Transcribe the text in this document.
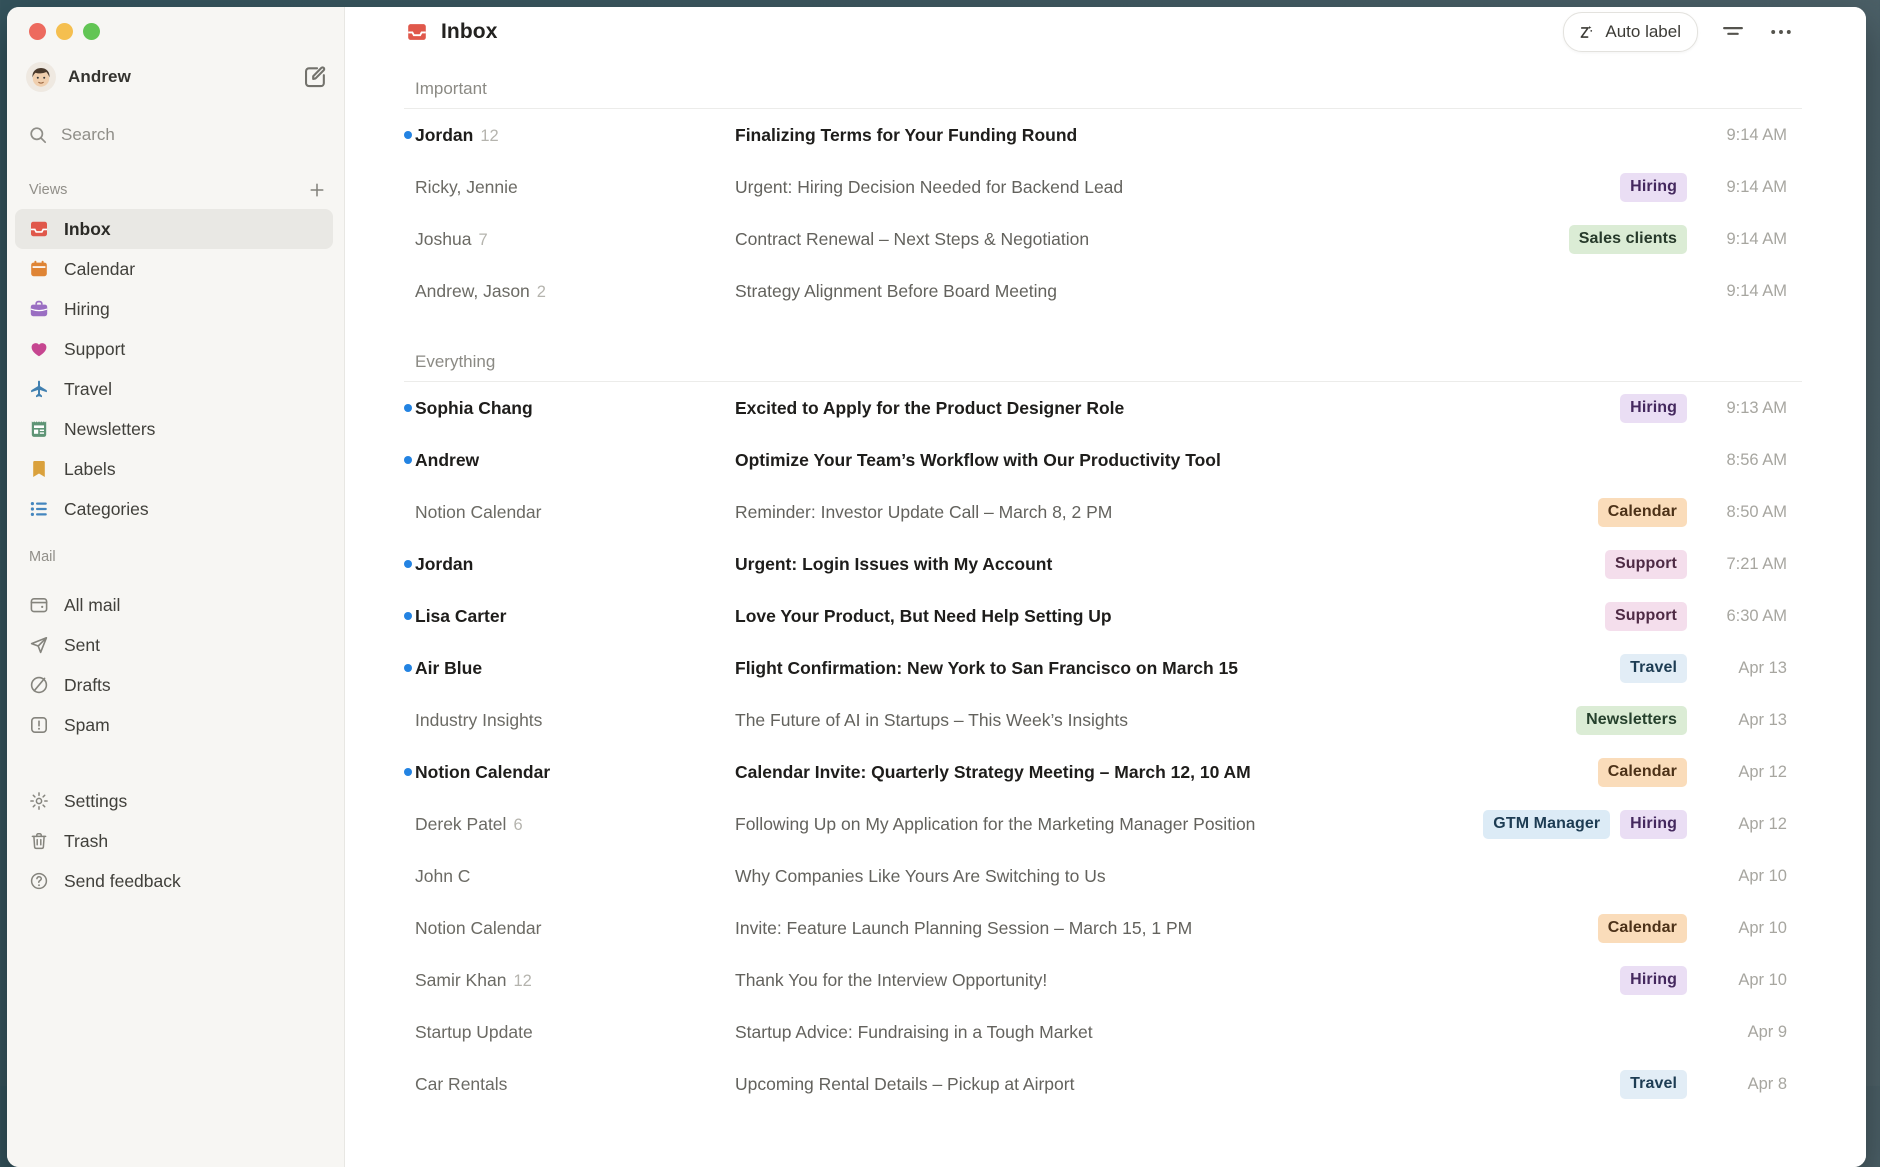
Andrew
Search
Views
Inbox
Calendar
Hiring
Support
Travel
Newsletters
Labels
Categories
Mail
All mail
Sent
Drafts
Spam
Settings
Trash
Send feedback
Inbox	Auto label
Important
Jordan 12	Finalizing Terms for Your Funding Round	9:14 AM
Ricky, Jennie	Urgent: Hiring Decision Needed for Backend Lead	Hiring	9:14 AM
Joshua 7	Contract Renewal – Next Steps & Negotiation	Sales clients	9:14 AM
Andrew, Jason 2	Strategy Alignment Before Board Meeting	9:14 AM
Everything
Sophia Chang	Excited to Apply for the Product Designer Role	Hiring	9:13 AM
Andrew	Optimize Your Team’s Workflow with Our Productivity Tool	8:56 AM
Notion Calendar	Reminder: Investor Update Call – March 8, 2 PM	Calendar	8:50 AM
Jordan	Urgent: Login Issues with My Account	Support	7:21 AM
Lisa Carter	Love Your Product, But Need Help Setting Up	Support	6:30 AM
Air Blue	Flight Confirmation: New York to San Francisco on March 15	Travel	Apr 13
Industry Insights	The Future of AI in Startups – This Week’s Insights	Newsletters	Apr 13
Notion Calendar	Calendar Invite: Quarterly Strategy Meeting – March 12, 10 AM	Calendar	Apr 12
Derek Patel 6	Following Up on My Application for the Marketing Manager Position	GTM Manager	Hiring	Apr 12
John C	Why Companies Like Yours Are Switching to Us	Apr 10
Notion Calendar	Invite: Feature Launch Planning Session – March 15, 1 PM	Calendar	Apr 10
Samir Khan 12	Thank You for the Interview Opportunity!	Hiring	Apr 10
Startup Update	Startup Advice: Fundraising in a Tough Market	Apr 9
Car Rentals	Upcoming Rental Details – Pickup at Airport	Travel	Apr 8
